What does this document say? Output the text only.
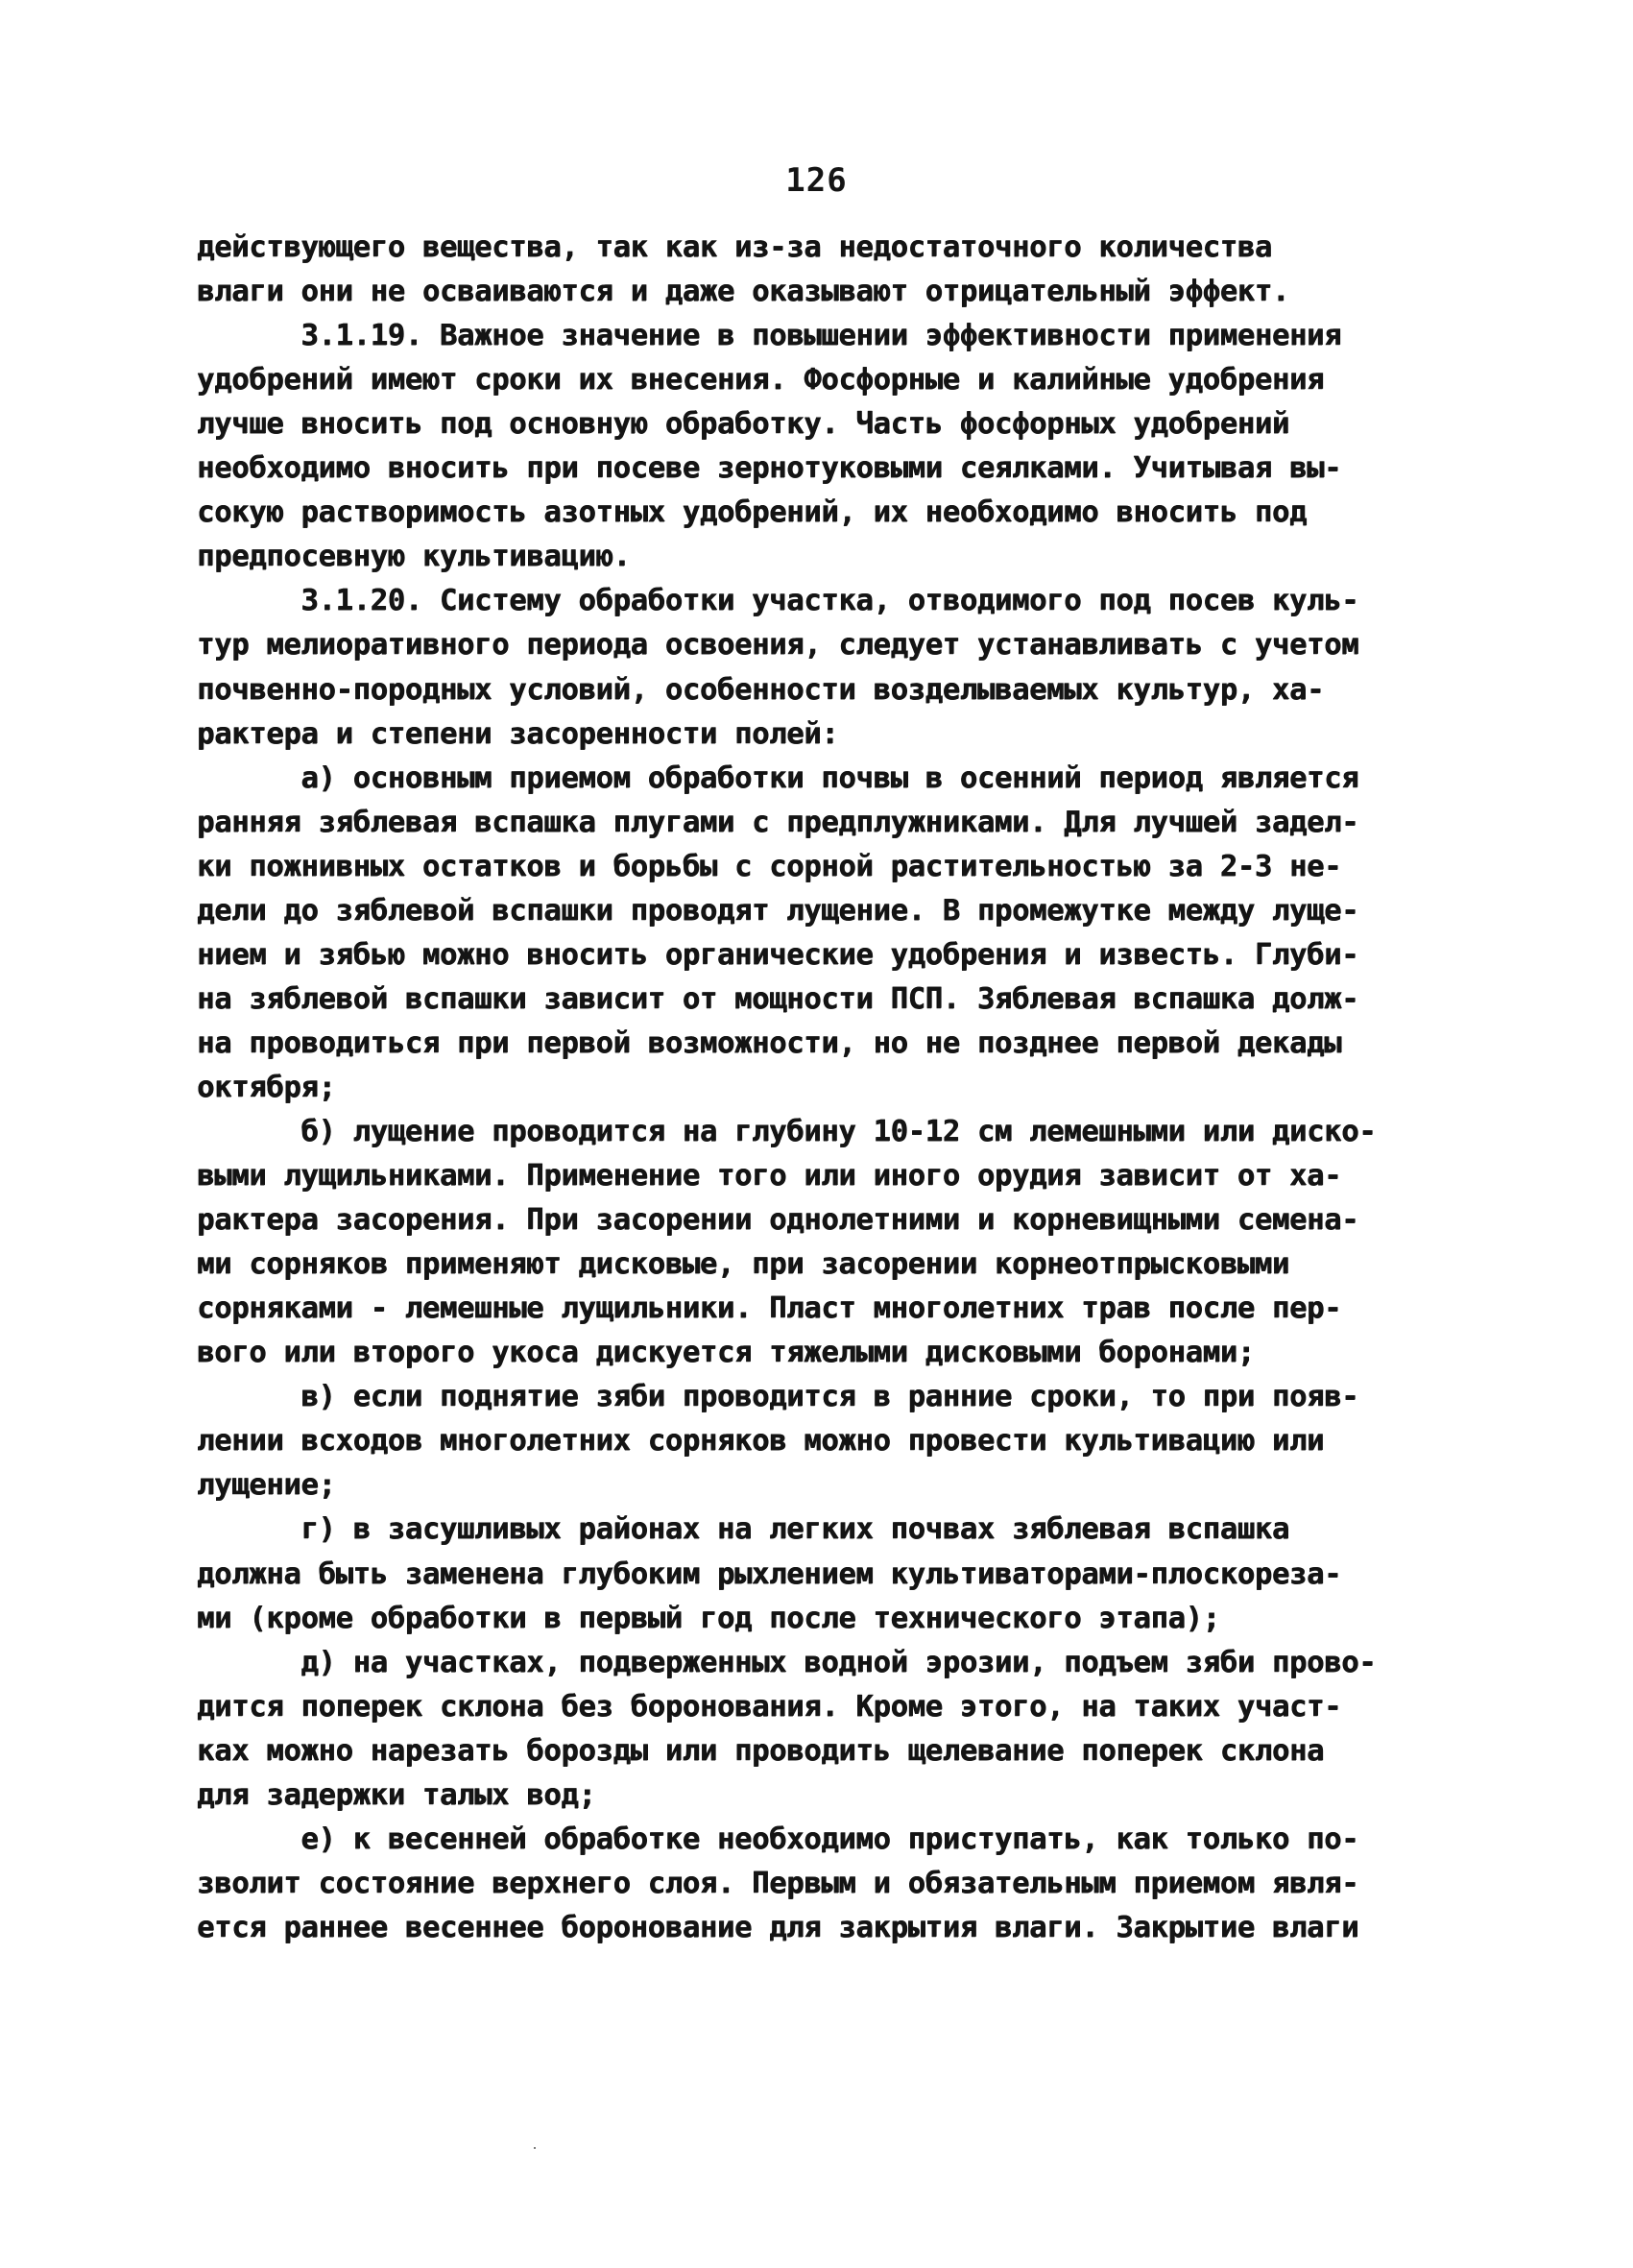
126
действующего вещества, так как из-за недостаточного количества
влаги они не осваиваются и даже оказывают отрицательный эффект.
3.1.19. Важное значение в повышении эффективности применения
удобрений имеют сроки их внесения. Фосфорные и калийные удобрения
лучше вносить под основную обработку. Часть фосфорных удобрений
необходимо вносить при посеве зернотуковыми сеялками. Учитывая вы-
сокую растворимость азотных удобрений, их необходимо вносить под
предпосевную культивацию.
3.1.20. Систему обработки участка, отводимого под посев куль-
тур мелиоративного периода освоения, следует устанавливать с учетом
почвенно-породных условий, особенности возделываемых культур, ха-
рактера и степени засоренности полей:
а) основным приемом обработки почвы в осенний период является
ранняя зяблевая вспашка плугами с предплужниками. Для лучшей задел-
ки пожнивных остатков и борьбы с сорной растительностью за 2-3 не-
дели до зяблевой вспашки проводят лущение. В промежутке между луще-
нием и зябью можно вносить органические удобрения и известь. Глуби-
на зяблевой вспашки зависит от мощности ПСП. Зяблевая вспашка долж-
на проводиться при первой возможности, но не позднее первой декады
октября;
б) лущение проводится на глубину 10-12 см лемешными или диско-
выми лущильниками. Применение того или иного орудия зависит от ха-
рактера засорения. При засорении однолетними и корневищными семена-
ми сорняков применяют дисковые, при засорении корнеотпрысковыми
сорняками - лемешные лущильники. Пласт многолетних трав после пер-
вого или второго укоса дискуется тяжелыми дисковыми боронами;
в) если поднятие зяби проводится в ранние сроки, то при появ-
лении всходов многолетних сорняков можно провести культивацию или
лущение;
г) в засушливых районах на легких почвах зяблевая вспашка
должна быть заменена глубоким рыхлением культиваторами-плоскореза-
ми (кроме обработки в первый год после технического этапа);
д) на участках, подверженных водной эрозии, подъем зяби прово-
дится поперек склона без боронования. Кроме этого, на таких участ-
ках можно нарезать борозды или проводить щелевание поперек склона
для задержки талых вод;
е) к весенней обработке необходимо приступать, как только по-
зволит состояние верхнего слоя. Первым и обязательным приемом явля-
ется раннее весеннее боронование для закрытия влаги. Закрытие влаги
